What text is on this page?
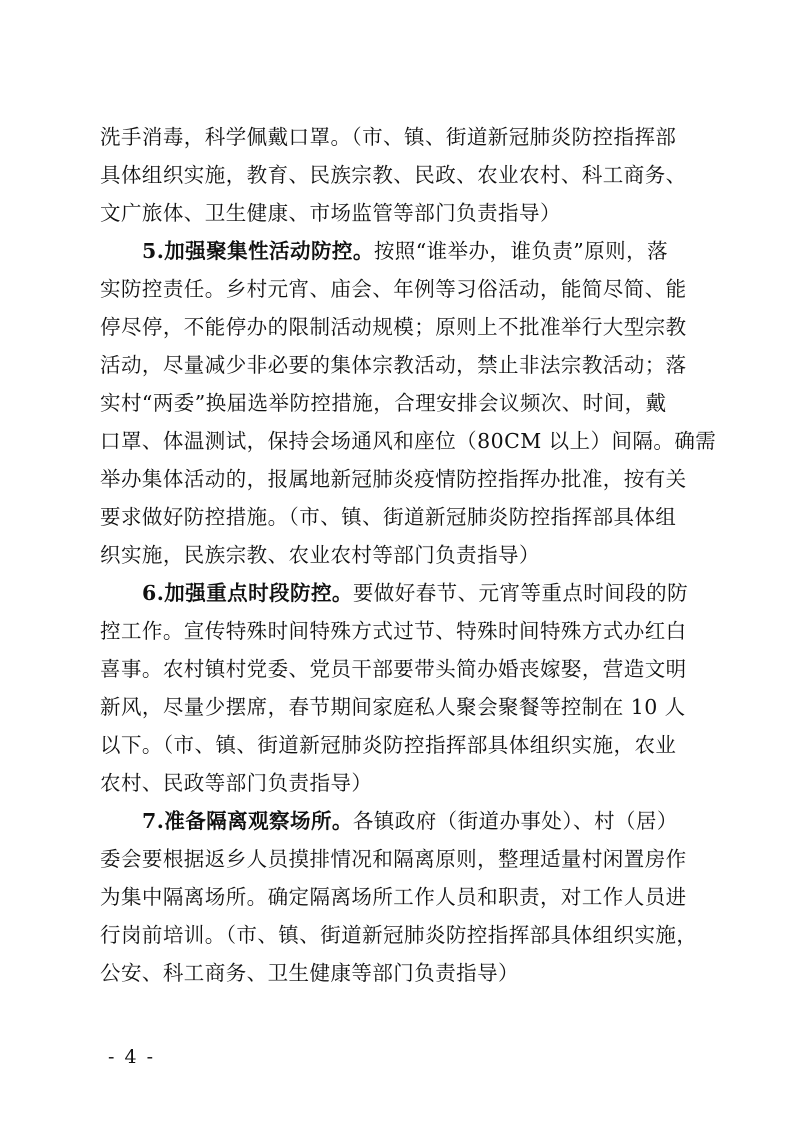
洗手消毒，科学佩戴口罩。（市、镇、街道新冠肺炎防控指挥部
具体组织实施，教育、民族宗教、民政、农业农村、科工商务、
文广旅体、卫生健康、市场监管等部门负责指导）
5.加强聚集性活动防控。按照“谁举办，谁负责”原则，落
实防控责任。乡村元宵、庙会、年例等习俗活动，能简尽简、能
停尽停，不能停办的限制活动规模；原则上不批准举行大型宗教
活动，尽量减少非必要的集体宗教活动，禁止非法宗教活动；落
实村“两委”换届选举防控措施，合理安排会议频次、时间，戴
口罩、体温测试，保持会场通风和座位（80CM 以上）间隔。确需
举办集体活动的，报属地新冠肺炎疫情防控指挥办批准，按有关
要求做好防控措施。（市、镇、街道新冠肺炎防控指挥部具体组
织实施，民族宗教、农业农村等部门负责指导）
6.加强重点时段防控。要做好春节、元宵等重点时间段的防
控工作。宣传特殊时间特殊方式过节、特殊时间特殊方式办红白
喜事。农村镇村党委、党员干部要带头简办婚丧嫁娶，营造文明
新风，尽量少摆席，春节期间家庭私人聚会聚餐等控制在 10 人
以下。（市、镇、街道新冠肺炎防控指挥部具体组织实施，农业
农村、民政等部门负责指导）
7.准备隔离观察场所。各镇政府（街道办事处）、村（居）
委会要根据返乡人员摸排情况和隔离原则，整理适量村闲置房作
为集中隔离场所。确定隔离场所工作人员和职责，对工作人员进
行岗前培训。（市、镇、街道新冠肺炎防控指挥部具体组织实施，
公安、科工商务、卫生健康等部门负责指导）
- 4 -
